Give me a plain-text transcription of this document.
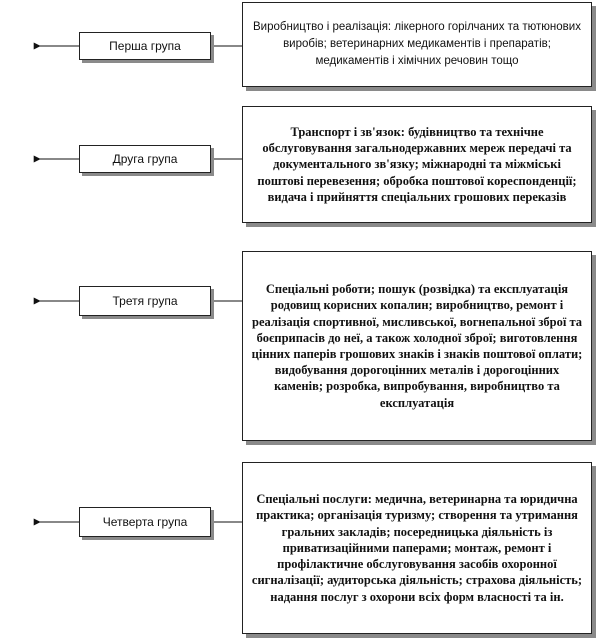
Перша група
Виробництво і реалізація: лікерного горілчаних та тютюнових виробів; ветеринарних медикаментів і препаратів; медикаментів і хімічних речовин тощо
Друга група
Транспорт і зв'язок: будівництво та технічне обслуговування загальнодержавних мереж передачі та документального зв'язку; міжнародні та міжміські поштові перевезення; обробка поштової кореспонденції; видача і прийняття спеціальних грошових переказів
Третя група
Спеціальні роботи; пошук (розвідка) та експлуатація родовищ корисних копалин; виробництво, ремонт і реалізація спортивної, мисливської, вогнепальної зброї та боєприпасів до неї, а також холодної зброї; виготовлення цінних паперів грошових знаків і знаків поштової оплати; видобування дорогоцінних металів і дорогоцінних каменів; розробка, випробування, виробництво та експлуатація
Четверта група
Спеціальні послуги: медична, ветеринарна та юридична практика; організація туризму; створення та утримання гральних закладів; посередницька діяльність із приватизаційними паперами; монтаж, ремонт і профілактичне обслуговування засобів охоронної сигналізації; аудиторська діяльність; страхова діяльність; надання послуг з охорони всіх форм власності та ін.
